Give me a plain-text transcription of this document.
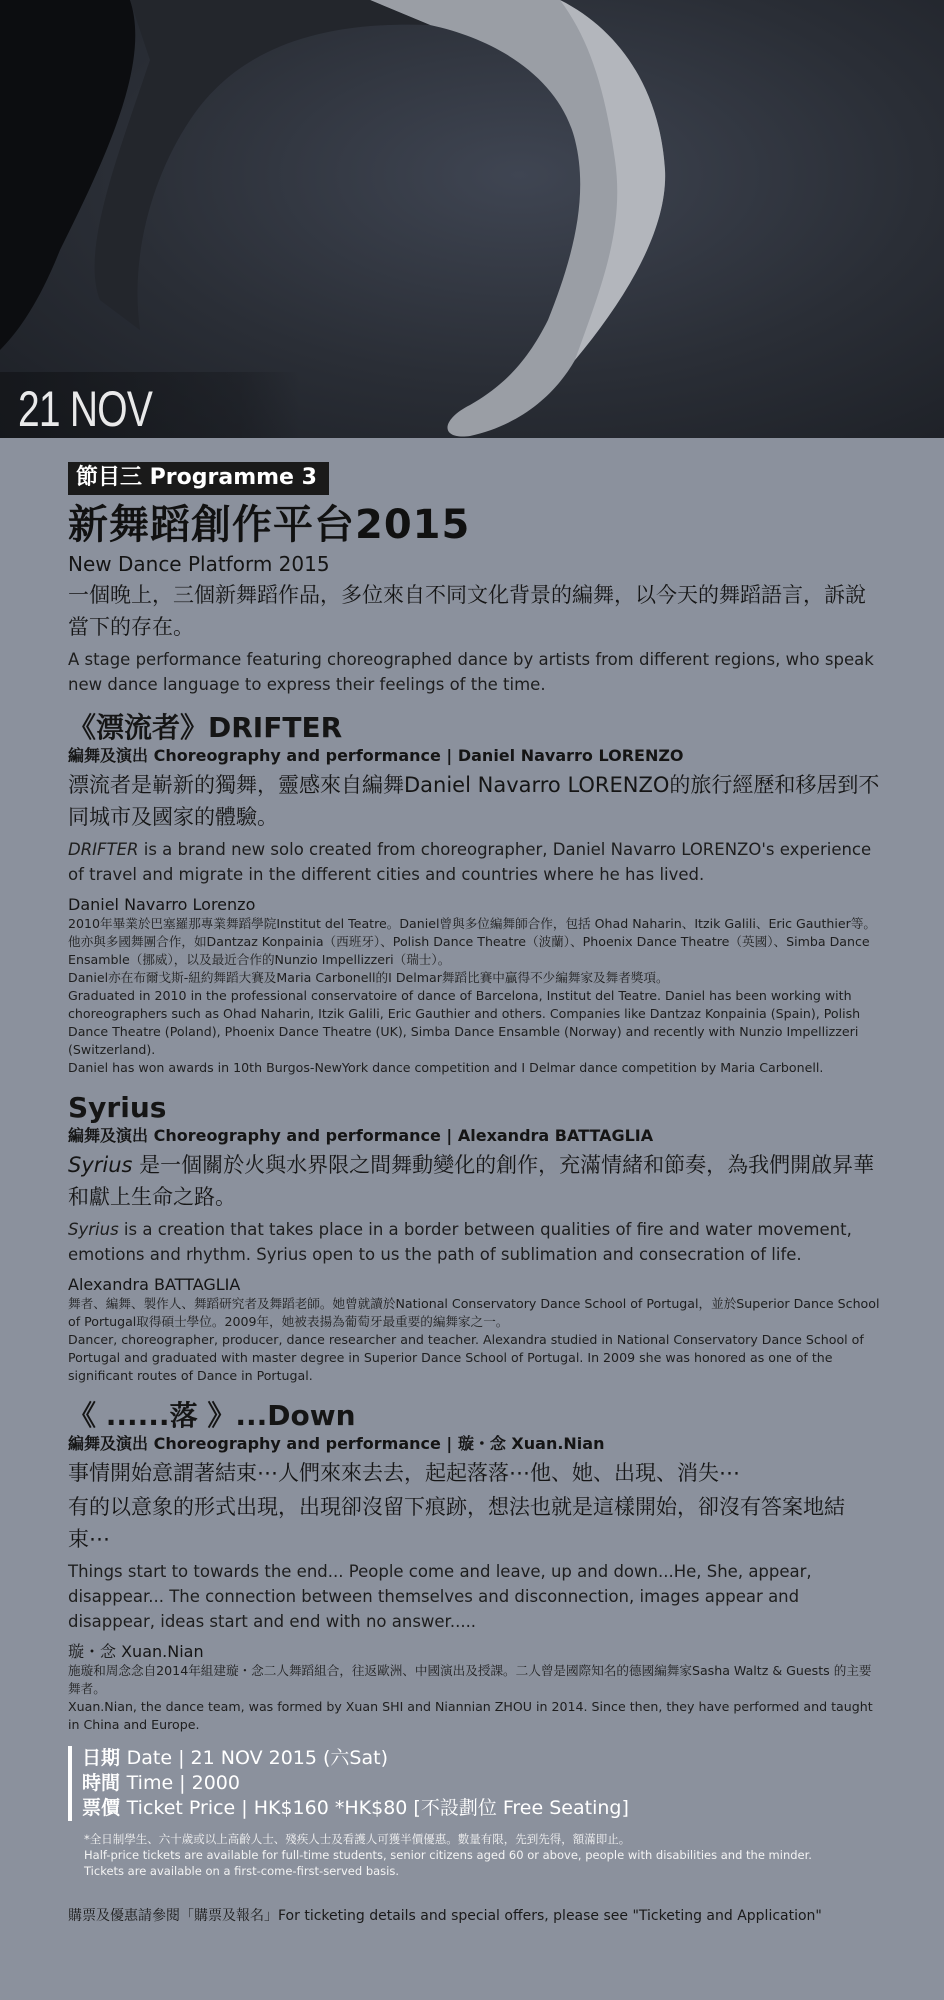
21 NOV
節目三 Programme 3
新舞蹈創作平台2015
New Dance Platform 2015

一個晚上，三個新舞蹈作品，多位來自不同文化背景的編舞，以今天的舞蹈語言，訴說當下的存在。

A stage performance featuring choreographed dance by artists from different regions, who speak new dance language to express their feelings of the time.

《漂流者》DRIFTER
編舞及演出 Choreography and performance | Daniel Navarro LORENZO

漂流者是嶄新的獨舞，靈感來自編舞Daniel Navarro LORENZO的旅行經歷和移居到不同城市及國家的體驗。

DRIFTER is a brand new solo created from choreographer, Daniel Navarro LORENZO's experience of travel and migrate in the different cities and countries where he has lived.

Daniel Navarro Lorenzo

2010年畢業於巴塞羅那專業舞蹈學院Institut del Teatre。Daniel曾與多位編舞師合作，包括 Ohad Naharin、Itzik Galili、Eric Gauthier等。他亦與多國舞團合作，如Dantzaz Konpainia（西班牙）、Polish Dance Theatre（波蘭）、Phoenix Dance Theatre（英國）、Simba Dance Ensamble（挪威），以及最近合作的Nunzio Impellizzeri（瑞士）。

Daniel亦在布爾戈斯-紐約舞蹈大賽及Maria Carbonell的I Delmar舞蹈比賽中贏得不少編舞家及舞者獎項。

Graduated in 2010 in the professional conservatoire of dance of Barcelona, Institut del Teatre. Daniel has been working with choreographers such as Ohad Naharin, Itzik Galili, Eric Gauthier and others. Companies like Dantzaz Konpainia (Spain), Polish Dance Theatre (Poland), Phoenix Dance Theatre (UK), Simba Dance Ensamble (Norway) and recently with Nunzio Impellizzeri (Switzerland).

Daniel has won awards in 10th Burgos-NewYork dance competition and I Delmar dance competition by Maria Carbonell.

Syrius
編舞及演出 Choreography and performance | Alexandra BATTAGLIA

Syrius 是一個關於火與水界限之間舞動變化的創作，充滿情緒和節奏，為我們開啟昇華和獻上生命之路。

Syrius is a creation that takes place in a border between qualities of fire and water movement, emotions and rhythm. Syrius open to us the path of sublimation and consecration of life.

Alexandra BATTAGLIA

舞者、編舞、製作人、舞蹈研究者及舞蹈老師。她曾就讀於National Conservatory Dance School of Portugal，並於Superior Dance School of Portugal取得碩士學位。2009年，她被表揚為葡萄牙最重要的編舞家之一。

Dancer, choreographer, producer, dance researcher and teacher. Alexandra studied in National Conservatory Dance School of Portugal and graduated with master degree in Superior Dance School of Portugal. In 2009 she was honored as one of the significant routes of Dance in Portugal.

《 ......落 》...Down
編舞及演出 Choreography and performance | 璇・念 Xuan.Nian

事情開始意謂著結束⋯人們來來去去，起起落落⋯他、她、出現、消失⋯

有的以意象的形式出現，出現卻沒留下痕跡，想法也就是這樣開始，卻沒有答案地結束⋯

Things start to towards the end... People come and leave, up and down...He, She, appear, disappear... The connection between themselves and disconnection, images appear and disappear, ideas start and end with no answer.....

璇・念 Xuan.Nian

施璇和周念念自2014年組建璇・念二人舞蹈組合，往返歐洲、中國演出及授課。二人曾是國際知名的德國編舞家Sasha Waltz & Guests 的主要舞者。

Xuan.Nian, the dance team, was formed by Xuan SHI and Niannian ZHOU in 2014. Since then, they have performed and taught in China and Europe.

日期 Date | 21 NOV 2015 (六Sat)
時間 Time | 2000
票價 Ticket Price | HK$160 *HK$80 [不設劃位 Free Seating]

*全日制學生、六十歲或以上高齡人士、殘疾人士及看護人可獲半價優惠。數量有限，先到先得，額滿即止。

Half-price tickets are available for full-time students, senior citizens aged 60 or above, people with disabilities and the minder.

Tickets are available on a first-come-first-served basis.

購票及優惠請參閱「購票及報名」For ticketing details and special offers, please see "Ticketing and Application"
